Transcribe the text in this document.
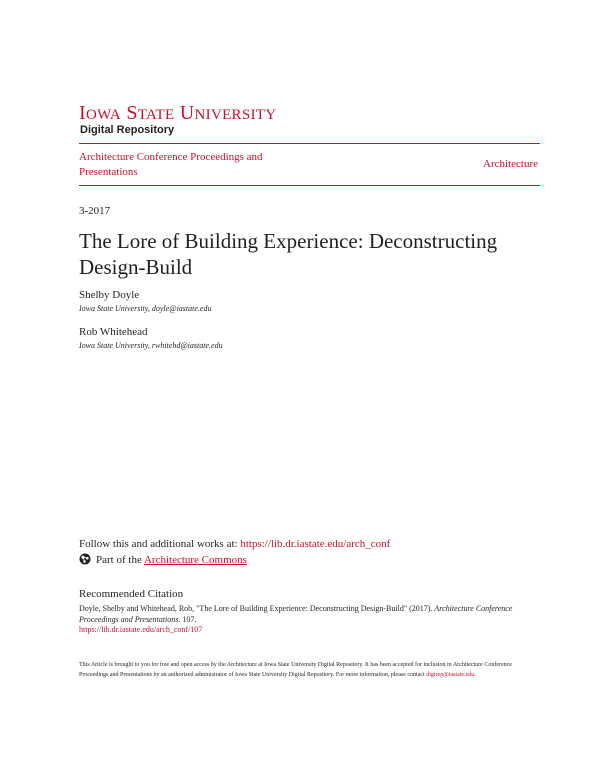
IOWA STATE UNIVERSITY
Digital Repository
Architecture Conference Proceedings and Presentations
Architecture
3-2017
The Lore of Building Experience: Deconstructing Design-Build
Shelby Doyle
Iowa State University, doyle@iastate.edu
Rob Whitehead
Iowa State University, rwhitehd@iastate.edu
Follow this and additional works at: https://lib.dr.iastate.edu/arch_conf
Part of the Architecture Commons
Recommended Citation
Doyle, Shelby and Whitehead, Rob, "The Lore of Building Experience: Deconstructing Design-Build" (2017). Architecture Conference Proceedings and Presentations. 107.
https://lib.dr.iastate.edu/arch_conf/107
This Article is brought to you for free and open access by the Architecture at Iowa State University Digital Repository. It has been accepted for inclusion in Architecture Conference Proceedings and Presentations by an authorized administrator of Iowa State University Digital Repository. For more information, please contact digirep@iastate.edu.
